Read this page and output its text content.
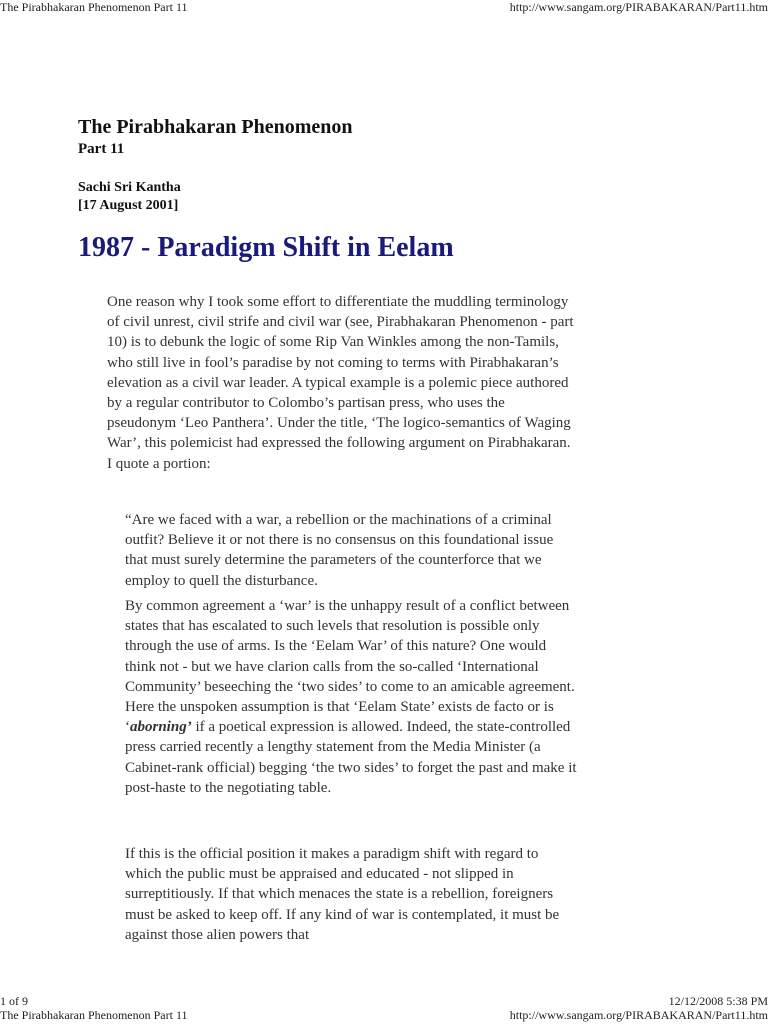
The Pirabhakaran Phenomenon Part 11	http://www.sangam.org/PIRABAKARAN/Part11.htm
The Pirabhakaran Phenomenon
Part 11
Sachi Sri Kantha
[17 August 2001]
1987 - Paradigm Shift in Eelam

One reason why I took some effort to differentiate the muddling terminology of civil unrest, civil strife and civil war (see, Pirabhakaran Phenomenon - part 10) is to debunk the logic of some Rip Van Winkles among the non-Tamils, who still live in fool’s paradise by not coming to terms with Pirabhakaran’s elevation as a civil war leader. A typical example is a polemic piece authored by a regular contributor to Colombo’s partisan press, who uses the pseudonym ‘Leo Panthera’. Under the title, ‘The logico-semantics of Waging War’, this polemicist had expressed the following argument on Pirabhakaran. I quote a portion:

“Are we faced with a war, a rebellion or the machinations of a criminal outfit? Believe it or not there is no consensus on this foundational issue that must surely determine the parameters of the counterforce that we employ to quell the disturbance.

By common agreement a ‘war’ is the unhappy result of a conflict between states that has escalated to such levels that resolution is possible only through the use of arms. Is the ‘Eelam War’ of this nature? One would think not - but we have clarion calls from the so-called ‘International Community’ beseeching the ‘two sides’ to come to an amicable agreement. Here the unspoken assumption is that ‘Eelam State’ exists de facto or is ‘aborning’ if a poetical expression is allowed. Indeed, the state-controlled press carried recently a lengthy statement from the Media Minister (a Cabinet-rank official) begging ‘the two sides’ to forget the past and make it post-haste to the negotiating table.

If this is the official position it makes a paradigm shift with regard to which the public must be appraised and educated - not slipped in surreptitiously. If that which menaces the state is a rebellion, foreigners must be asked to keep off. If any kind of war is contemplated, it must be against those alien powers that

1 of 9	12/12/2008 5:38 PM
The Pirabhakaran Phenomenon Part 11	http://www.sangam.org/PIRABAKARAN/Part11.htm
